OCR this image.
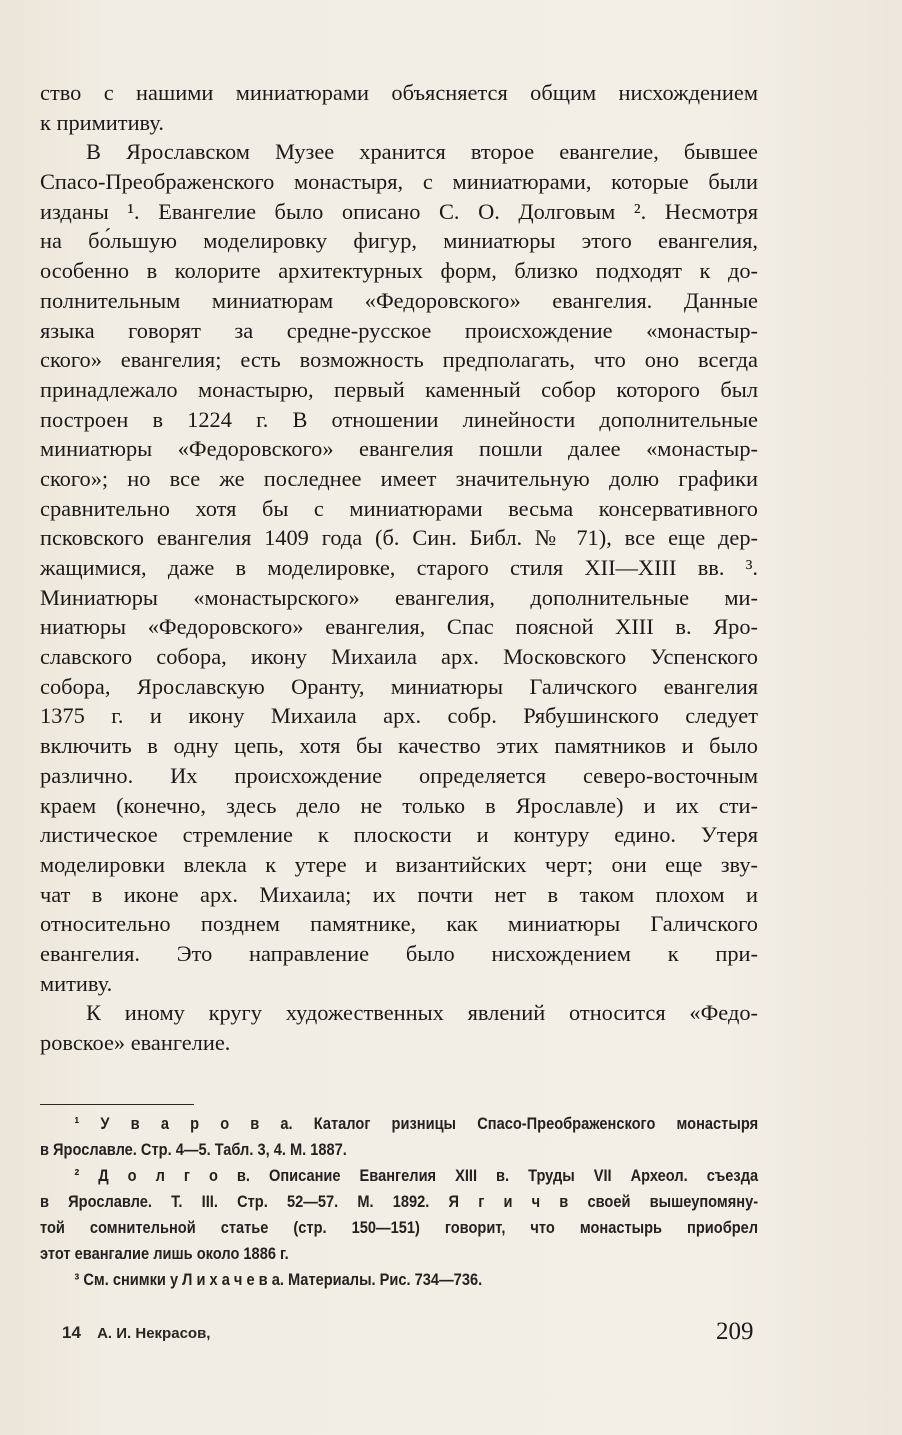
ство с нашими миниатюрами объясняется общим нисхождением
к примитиву.
В Ярославском Музее хранится второе евангелие, бывшее
Спасо-Преображенского монастыря, с миниатюрами, которые были
изданы ¹. Евангелие было описано С. О. Долговым ². Несмотря
на бо́льшую моделировку фигур, миниатюры этого евангелия,
особенно в колорите архитектурных форм, близко подходят к до-
полнительным миниатюрам «Федоровского» евангелия. Данные
языка говорят за средне-русское происхождение «монастыр-
ского» евангелия; есть возможность предполагать, что оно всегда
принадлежало монастырю, первый каменный собор которого был
построен в 1224 г. В отношении линейности дополнительные
миниатюры «Федоровского» евангелия пошли далее «монастыр-
ского»; но все же последнее имеет значительную долю графики
сравнительно хотя бы с миниатюрами весьма консервативного
псковского евангелия 1409 года (б. Син. Библ. № 71), все еще дер-
жащимися, даже в моделировке, старого стиля XII—XIII вв. ³.
Миниатюры «монастырского» евангелия, дополнительные ми-
ниатюры «Федоровского» евангелия, Спас поясной XIII в. Яро-
славского собора, икону Михаила арх. Московского Успенского
собора, Ярославскую Оранту, миниатюры Галичского евангелия
1375 г. и икону Михаила арх. собр. Рябушинского следует
включить в одну цепь, хотя бы качество этих памятников и было
различно. Их происхождение определяется северо-восточным
краем (конечно, здесь дело не только в Ярославле) и их сти-
листическое стремление к плоскости и контуру едино. Утеря
моделировки влекла к утере и византийских черт; они еще зву-
чат в иконе арх. Михаила; их почти нет в таком плохом и
относительно позднем памятнике, как миниатюры Галичского
евангелия. Это направление было нисхождением к при-
митиву.
К иному кругу художественных явлений относится «Федо-
ровское» евангелие.
¹ У в а р о в а. Каталог ризницы Спасо-Преображенского монастыря
в Ярославле. Стр. 4—5. Табл. 3, 4. М. 1887.
² Д о л г о в. Описание Евангелия XIII в. Труды VII Археол. съезда
в Ярославле. Т. III. Стр. 52—57. М. 1892. Я г и ч в своей вышеупомяну-
той сомнительной статье (стр. 150—151) говорит, что монастырь приобрел
этот евангалие лишь около 1886 г.
³ См. снимки у Л и х а ч е в а. Материалы. Рис. 734—736.
14 А. И. Некрасов,	209
